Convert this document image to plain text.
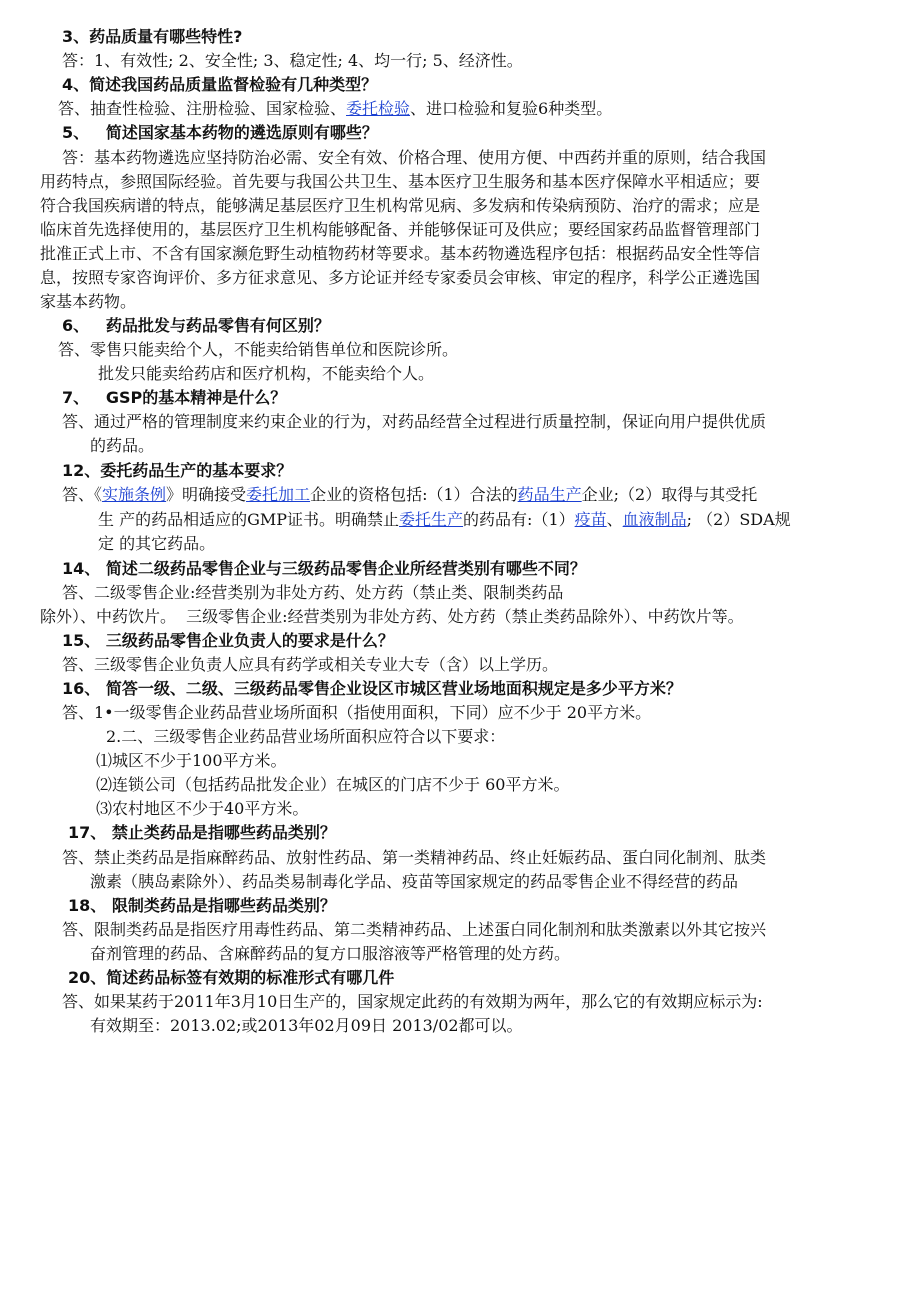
3、药品质量有哪些特性?
答：1、有效性; 2、安全性; 3、稳定性; 4、均一行; 5、经济性。
4、简述我国药品质量监督检验有几种类型？
答、抽查性检验、注册检验、国家检验、委托检验、进口检验和复验6种类型。
5、   简述国家基本药物的遴选原则有哪些？
答：基本药物遴选应坚持防治必需、安全有效、价格合理、使用方便、中西药并重的原则，结合我国
用药特点，参照国际经验。首先要与我国公共卫生、基本医疗卫生服务和基本医疗保障水平相适应；要
符合我国疾病谱的特点，能够满足基层医疗卫生机构常见病、多发病和传染病预防、治疗的需求；应是
临床首先选择使用的，基层医疗卫生机构能够配备、并能够保证可及供应；要经国家药品监督管理部门
批准正式上市、不含有国家濒危野生动植物药材等要求。基本药物遴选程序包括：根据药品安全性等信
息，按照专家咨询评价、多方征求意见、多方论证并经专家委员会审核、审定的程序，科学公正遴选国
家基本药物。
6、   药品批发与药品零售有何区别？
答、零售只能卖给个人，不能卖给销售单位和医院诊所。
批发只能卖给药店和医疗机构，不能卖给个人。
7、   GSP的基本精神是什么？
答、通过严格的管理制度来约束企业的行为，对药品经营全过程进行质量控制，保证向用户提供优质
的药品。
12、委托药品生产的基本要求？
答、《实施条例》明确接受委托加工企业的资格包括:（1）合法的药品生产企业;（2）取得与其受托
生 产的药品相适应的GMP证书。明确禁止委托生产的药品有:（1）疫苗、血液制品; （2）SDA规
定 的其它药品。
14、 简述二级药品零售企业与三级药品零售企业所经营类别有哪些不同？
答、二级零售企业:经营类别为非处方药、处方药（禁止类、限制类药品
除外）、中药饮片。  三级零售企业:经营类别为非处方药、处方药（禁止类药品除外）、中药饮片等。
15、 三级药品零售企业负责人的要求是什么？
答、三级零售企业负责人应具有药学或相关专业大专（含）以上学历。
16、 简答一级、二级、三级药品零售企业设区市城区营业场地面积规定是多少平方米？
答、1•一级零售企业药品营业场所面积（指使用面积，下同）应不少于 20平方米。
2.二、三级零售企业药品营业场所面积应符合以下要求：
⑴城区不少于100平方米。
⑵连锁公司（包括药品批发企业）在城区的门店不少于 60平方米。
⑶农村地区不少于40平方米。
17、 禁止类药品是指哪些药品类别？
答、禁止类药品是指麻醉药品、放射性药品、第一类精神药品、终止妊娠药品、蛋白同化制剂、肽类
激素（胰岛素除外）、药品类易制毒化学品、疫苗等国家规定的药品零售企业不得经营的药品
18、 限制类药品是指哪些药品类别？
答、限制类药品是指医疗用毒性药品、第二类精神药品、上述蛋白同化制剂和肽类激素以外其它按兴
奋剂管理的药品、含麻醉药品的复方口服溶液等严格管理的处方药。
20、简述药品标签有效期的标准形式有哪几件
答、如果某药于2011年3月10日生产的，国家规定此药的有效期为两年，那么它的有效期应标示为:
有效期至：2013.02;或2013年02月09日 2013/02都可以。
